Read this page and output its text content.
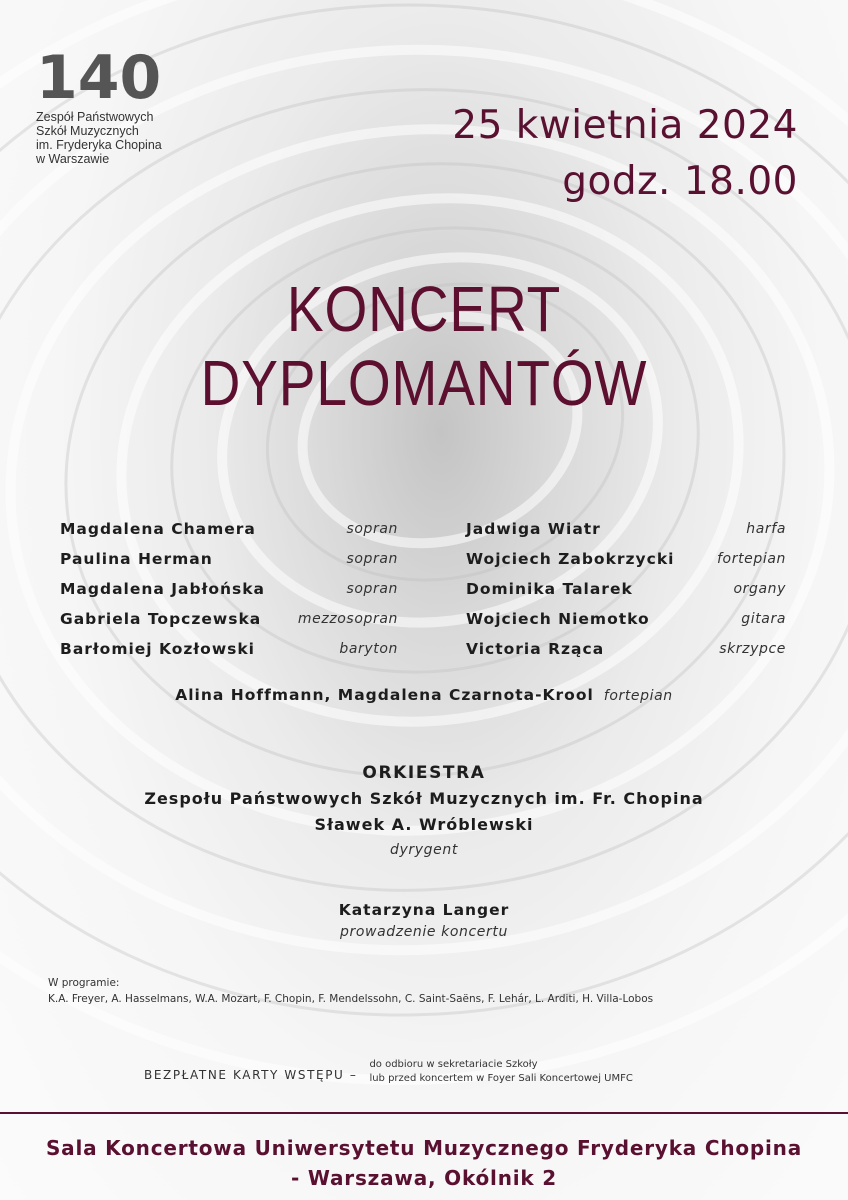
140
Zespół Państwowych
Szkół Muzycznych
im. Fryderyka Chopina
w Warszawie
25 kwietnia 2024
godz. 18.00
KONCERT
DYPLOMANTÓW
Magdalena Chamera	sopran
Paulina Herman	sopran
Magdalena Jabłońska	sopran
Gabriela Topczewska	mezzosopran
Barłomiej Kozłowski	baryton
Jadwiga Wiatr	harfa
Wojciech Zabokrzycki	fortepian
Dominika Talarek	organy
Wojciech Niemotko	gitara
Victoria Rząca	skrzypce
Alina Hoffmann, Magdalena Czarnota-Krool fortepian
ORKIESTRA
Zespołu Państwowych Szkół Muzycznych im. Fr. Chopina
Sławek A. Wróblewski
dyrygent
Katarzyna Langer
prowadzenie koncertu
W programie:
K.A. Freyer, A. Hasselmans, W.A. Mozart, F. Chopin, F. Mendelssohn, C. Saint-Saëns, F. Lehár, L. Arditi, H. Villa-Lobos
BEZPŁATNE KARTY WSTĘPU –
do odbioru w sekretariacie Szkoły
lub przed koncertem w Foyer Sali Koncertowej UMFC
Sala Koncertowa Uniwersytetu Muzycznego Fryderyka Chopina
- Warszawa, Okólnik 2
